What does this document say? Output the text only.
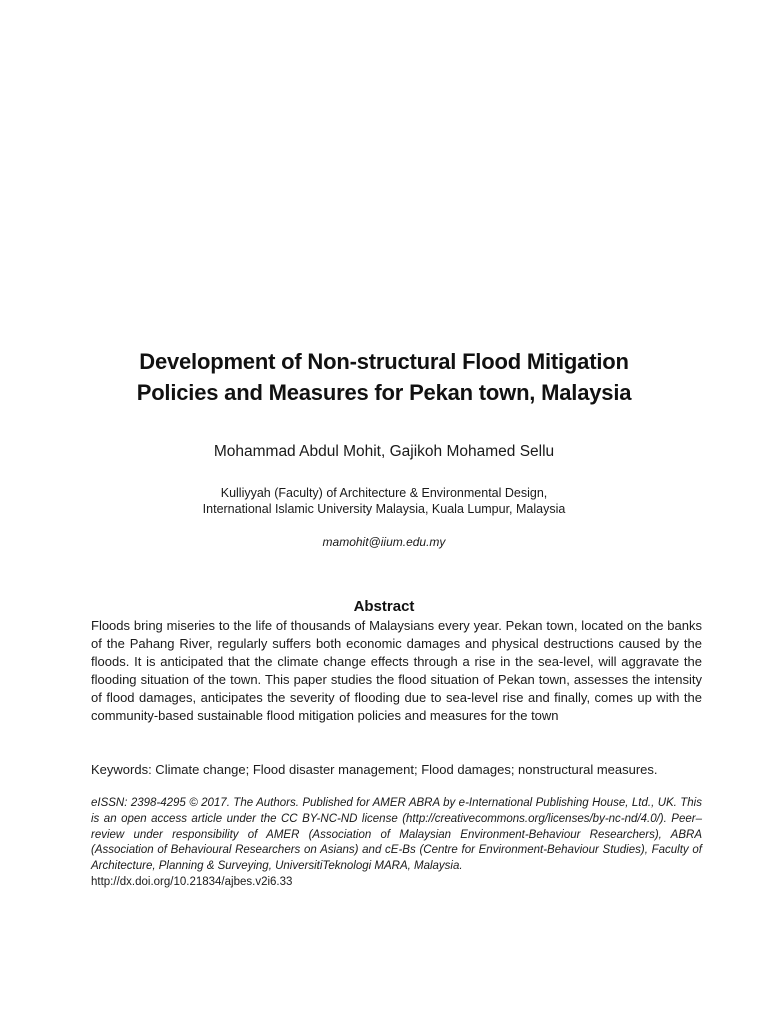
Development of Non-structural Flood Mitigation
Policies and Measures for Pekan town, Malaysia
Mohammad Abdul Mohit, Gajikoh Mohamed Sellu
Kulliyyah (Faculty) of Architecture & Environmental Design,
International Islamic University Malaysia, Kuala Lumpur, Malaysia
mamohit@iium.edu.my
Abstract

Floods bring miseries to the life of thousands of Malaysians every year. Pekan town, located on the banks of the Pahang River, regularly suffers both economic damages and physical destructions caused by the floods. It is anticipated that the climate change effects through a rise in the sea-level, will aggravate the flooding situation of the town. This paper studies the flood situation of Pekan town, assesses the intensity of flood damages, anticipates the severity of flooding due to sea-level rise and finally, comes up with the community-based sustainable flood mitigation policies and measures for the town

Keywords: Climate change; Flood disaster management; Flood damages; nonstructural measures.

eISSN: 2398-4295 © 2017. The Authors. Published for AMER ABRA by e-International Publishing House, Ltd., UK. This is an open access article under the CC BY-NC-ND license (http://creativecommons.org/licenses/by-nc-nd/4.0/). Peer–review under responsibility of AMER (Association of Malaysian Environment-Behaviour Researchers), ABRA (Association of Behavioural Researchers on Asians) and cE-Bs (Centre for Environment-Behaviour Studies), Faculty of Architecture, Planning & Surveying, UniversitiTeknologi MARA, Malaysia.

http://dx.doi.org/10.21834/ajbes.v2i6.33
